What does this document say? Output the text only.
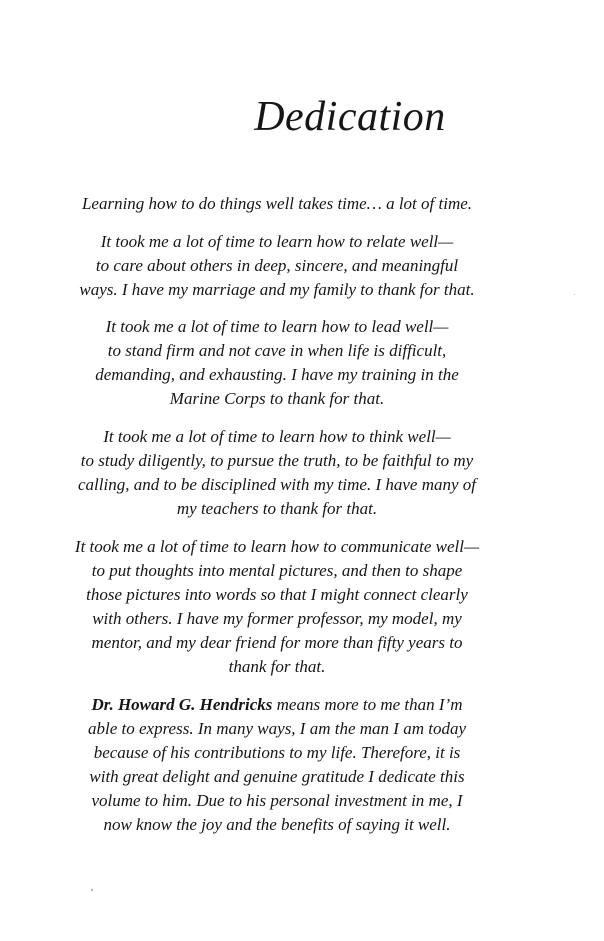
Dedication
Learning how to do things well takes time… a lot of time.
It took me a lot of time to learn how to relate well—
to care about others in deep, sincere, and meaningful
ways. I have my marriage and my family to thank for that.
It took me a lot of time to learn how to lead well—
to stand firm and not cave in when life is difficult,
demanding, and exhausting. I have my training in the
Marine Corps to thank for that.
It took me a lot of time to learn how to think well—
to study diligently, to pursue the truth, to be faithful to my
calling, and to be disciplined with my time. I have many of
my teachers to thank for that.
It took me a lot of time to learn how to communicate well—
to put thoughts into mental pictures, and then to shape
those pictures into words so that I might connect clearly
with others. I have my former professor, my model, my
mentor, and my dear friend for more than fifty years to
thank for that.
Dr. Howard G. Hendricks means more to me than I’m
able to express. In many ways, I am the man I am today
because of his contributions to my life. Therefore, it is
with great delight and genuine gratitude I dedicate this
volume to him. Due to his personal investment in me, I
now know the joy and the benefits of saying it well.
